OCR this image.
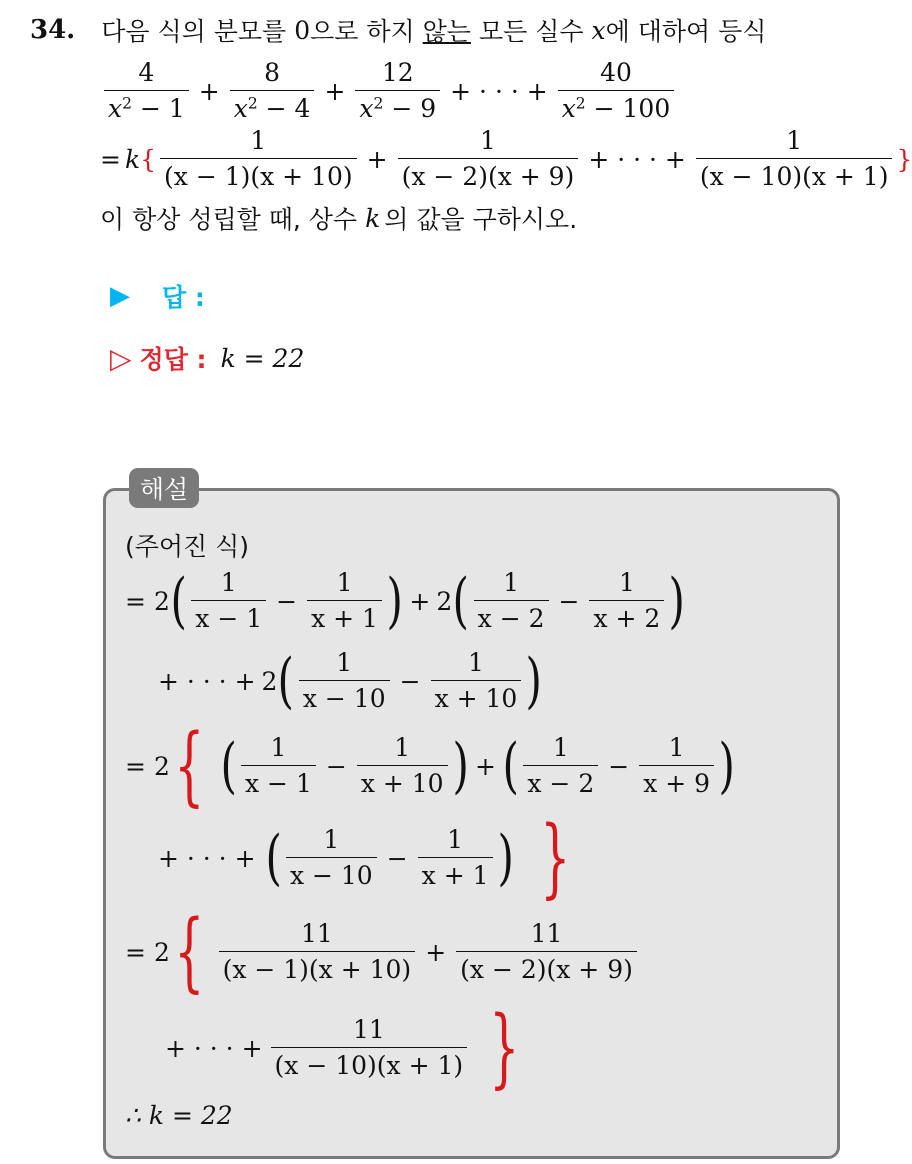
34. 다음 식의 분모를 0 으로 하지 않는 모든 실수 x 에 대하여 등식
$\frac{4}{x^2 - 1} + \frac{8}{x^2 - 4} + \frac{12}{x^2 - 9}$ + · · · + $\frac{40}{x^2 - 100}$
= k { $\frac{1}{(x - 1)(x + 10)} + \frac{1}{(x - 2)(x + 9)}$ + · · · + $\frac{1}{(x - 10)(x + 1)}$ }
이 항상 성립할 때, 상수 k 의 값을 구하시오.
▶ 답 :
▷ 정답 : k = 22
해설
(주어진 식)
= 2 ( $\frac{1}{x - 1} - \frac{1}{x + 1}$ ) + 2 ( $\frac{1}{x - 2} - \frac{1}{x + 2}$ )
+ · · · + 2 ( $\frac{1}{x - 10} - \frac{1}{x + 10}$ )
= 2 { ( $\frac{1}{x - 1} - \frac{1}{x + 10}$ ) + ( $\frac{1}{x - 2} - \frac{1}{x + 9}$ )
+ · · · + ( $\frac{1}{x - 10} - \frac{1}{x + 1}$ ) }
= 2 { $\frac{11}{(x - 1)(x + 10)} + \frac{11}{(x - 2)(x + 9)}$
+ · · · + $\frac{11}{(x - 10)(x + 1)}$ }
∴ k = 22
